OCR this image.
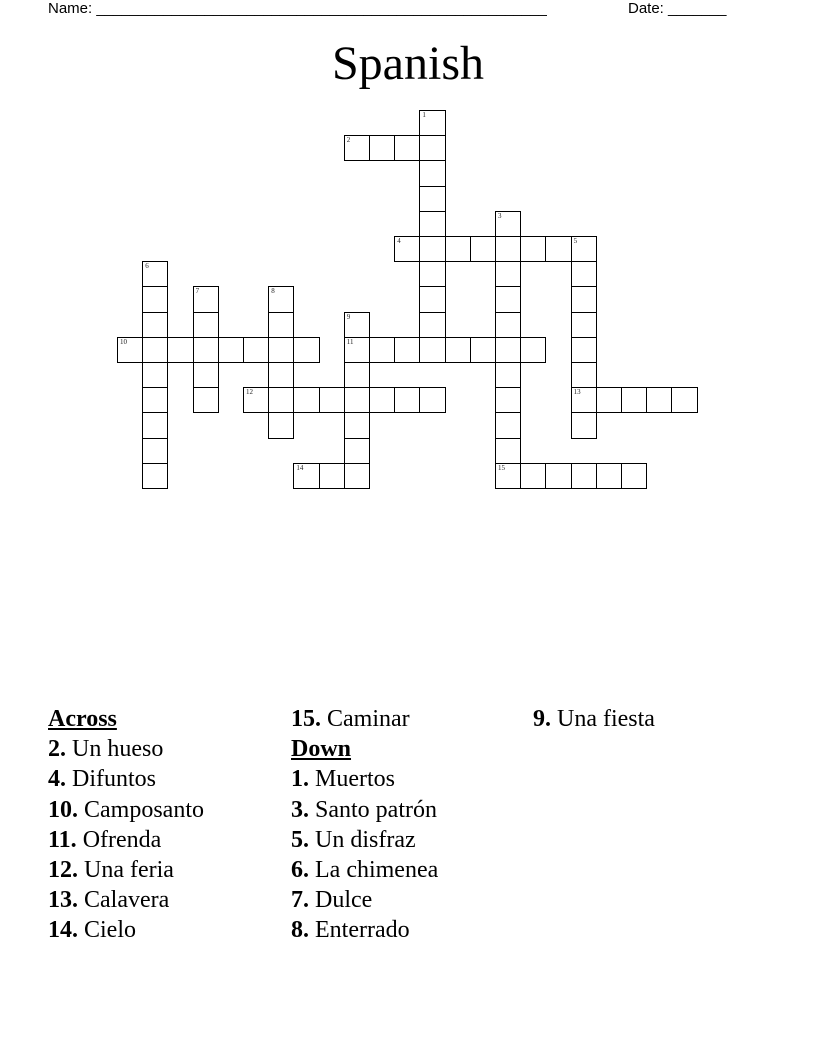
Name: ______________________________________________________	Date: _______
Spanish
1
2
3
15
4	5
13
6
7	8
9
11
10
12
14
Across
2. Un hueso
4. Difuntos
10. Camposanto
11. Ofrenda
12. Una feria
13. Calavera
14. Cielo
15. Caminar
Down
1. Muertos
3. Santo patrón
5. Un disfraz
6. La chimenea
7. Dulce
8. Enterrado
9. Una fiesta
